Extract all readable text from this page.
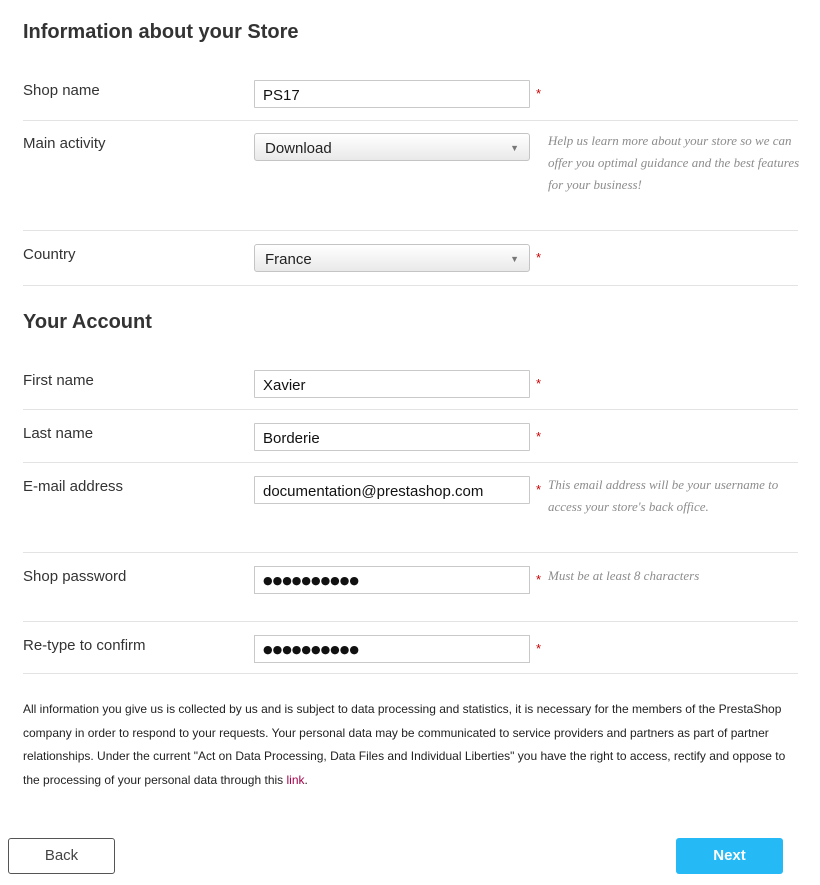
Information about your Store
Shop name	PS17	*
Main activity	Download	▼ Help us learn more about your store so we can offer you optimal guidance and the best features for your business!
Country	France	▼ *
Your Account
First name	Xavier	*
Last name	Borderie	*
E-mail address	documentation@prestashop.com	* This email address will be your username to access your store's back office.
Shop password	●●●●●●●●●●	* Must be at least 8 characters
Re-type to confirm	●●●●●●●●●●	*
All information you give us is collected by us and is subject to data processing and statistics, it is necessary for the members of the PrestaShop company in order to respond to your requests. Your personal data may be communicated to service providers and partners as part of partner relationships. Under the current "Act on Data Processing, Data Files and Individual Liberties" you have the right to access, rectify and oppose to the processing of your personal data through this link.
Back	Next
